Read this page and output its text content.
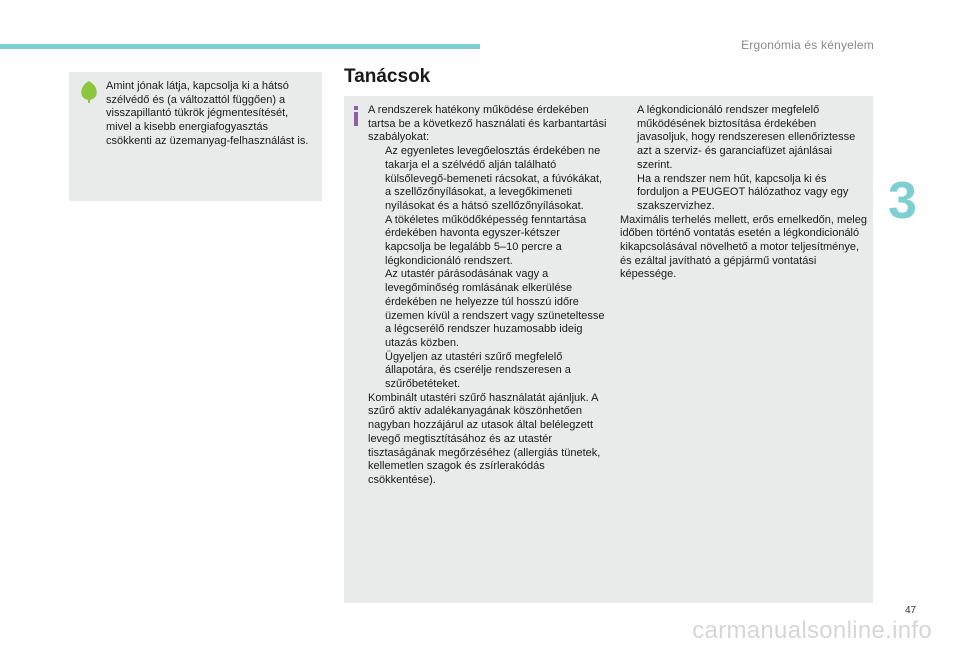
Ergonómia és kényelem
3

Amint jónak látja, kapcsolja ki a hátsó szélvédő és (a változattól függően) a visszapillantó tükrök jégmentesítését, mivel a kisebb energiafogyasztás csökkenti az üzemanyag-felhasználást is.

Tanácsok

A rendszerek hatékony működése érdekében tartsa be a következő használati és karbantartási szabályokat:

Az egyenletes levegőelosztás érdekében ne takarja el a szélvédő alján található külsőlevegő-bemeneti rácsokat, a fúvókákat, a szellőzőnyílásokat, a levegőkimeneti nyílásokat és a hátsó szellőzőnyílásokat.

A tökéletes működőképesség fenntartása érdekében havonta egyszer-kétszer kapcsolja be legalább 5–10 percre a légkondicionáló rendszert.

Az utastér párásodásának vagy a levegőminőség romlásának elkerülése érdekében ne helyezze túl hosszú időre üzemen kívül a rendszert vagy szüneteltesse a légcserélő rendszer huzamosabb ideig utazás közben.

Ügyeljen az utastéri szűrő megfelelő állapotára, és cserélje rendszeresen a szűrőbetéteket.

Kombinált utastéri szűrő használatát ajánljuk. A szűrő aktív adalékanyagának köszönhetően nagyban hozzájárul az utasok által belélegzett levegő megtisztításához és az utastér tisztaságának megőrzéséhez (allergiás tünetek, kellemetlen szagok és zsírlerakódás csökkentése).

A légkondicionáló rendszer megfelelő működésének biztosítása érdekében javasoljuk, hogy rendszeresen ellenőriztesse azt a szerviz- és garanciafüzet ajánlásai szerint.

Ha a rendszer nem hűt, kapcsolja ki és forduljon a PEUGEOT hálózathoz vagy egy szakszervizhez.

Maximális terhelés mellett, erős emelkedőn, meleg időben történő vontatás esetén a légkondicionáló kikapcsolásával növelhető a motor teljesítménye, és ezáltal javítható a gépjármű vontatási képessége.

47
carmanualsonline.info
